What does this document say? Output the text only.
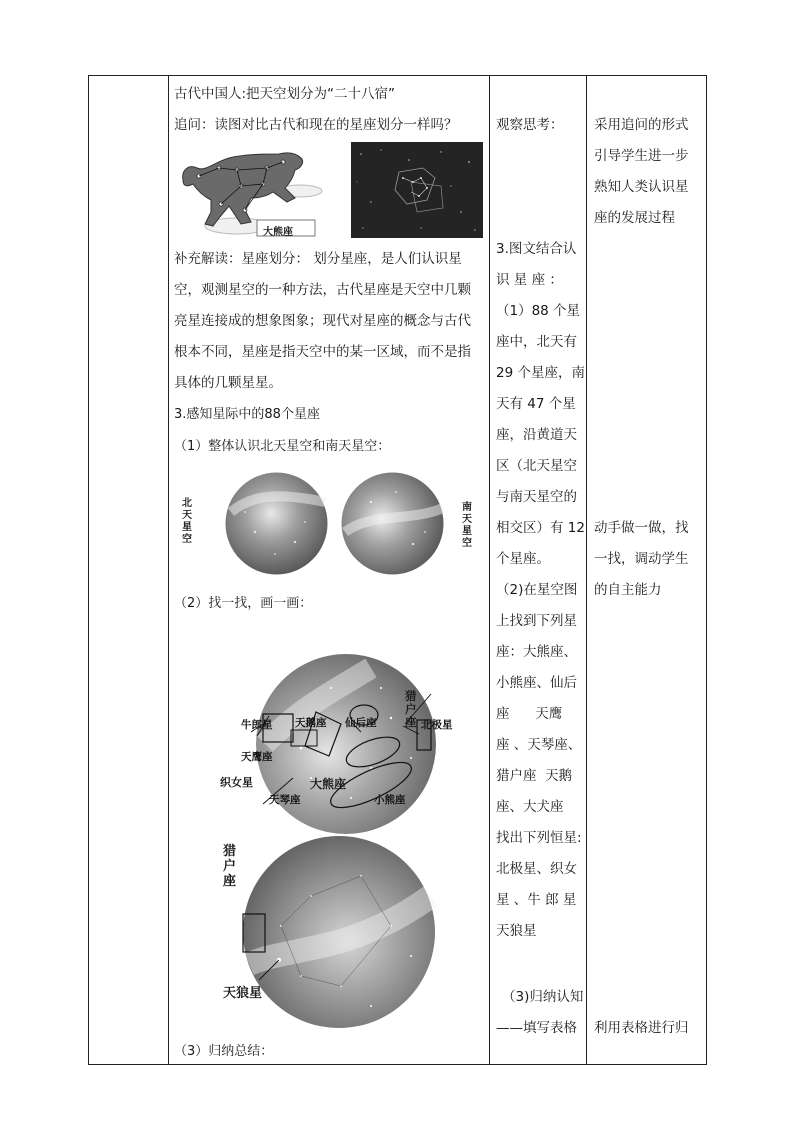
古代中国人:把天空划分为“二十八宿”

追问：读图对比古代和现在的星座划分一样吗？

大熊座

补充解读：星座划分： 划分星座，是人们认识星

空，观测星空的一种方法，古代星座是天空中几颗

亮星连接成的想象图象；现代对星座的概念与古代

根本不同，星座是指天空中的某一区域，而不是指

具体的几颗星星。

3.感知星际中的88个星座

（1）整体认识北天星空和南天星空：

北天星空
南天星空

（2）找一找，画一画：

牛郎星 天鹅座 仙后座	北极星
天鹰座
天琴座	小熊座
猎户座
天狼星

（3）归纳总结：

观察思考：

3.图文结合认

识 星 座 ：

（1）88 个星

座中，北天有

29 个星座，南

天有 47 个星

座，沿黄道天

区（北天星空

与南天星空的

相交区）有 12

个星座。

（2)在星空图

上找到下列星

座：大熊座、

小熊座、仙后

座      天鹰

座 、天琴座、

猎户座  天鹅

座、大犬座

找出下列恒星:

北极星、织女

星 、牛 郎 星

天狼星

（3)归纳认知

——填写表格

采用追问的形式

引导学生进一步

熟知人类认识星

座的发展过程

动手做一做，找

一找，调动学生

的自主能力

利用表格进行归

大熊座
织女星
猎户座
